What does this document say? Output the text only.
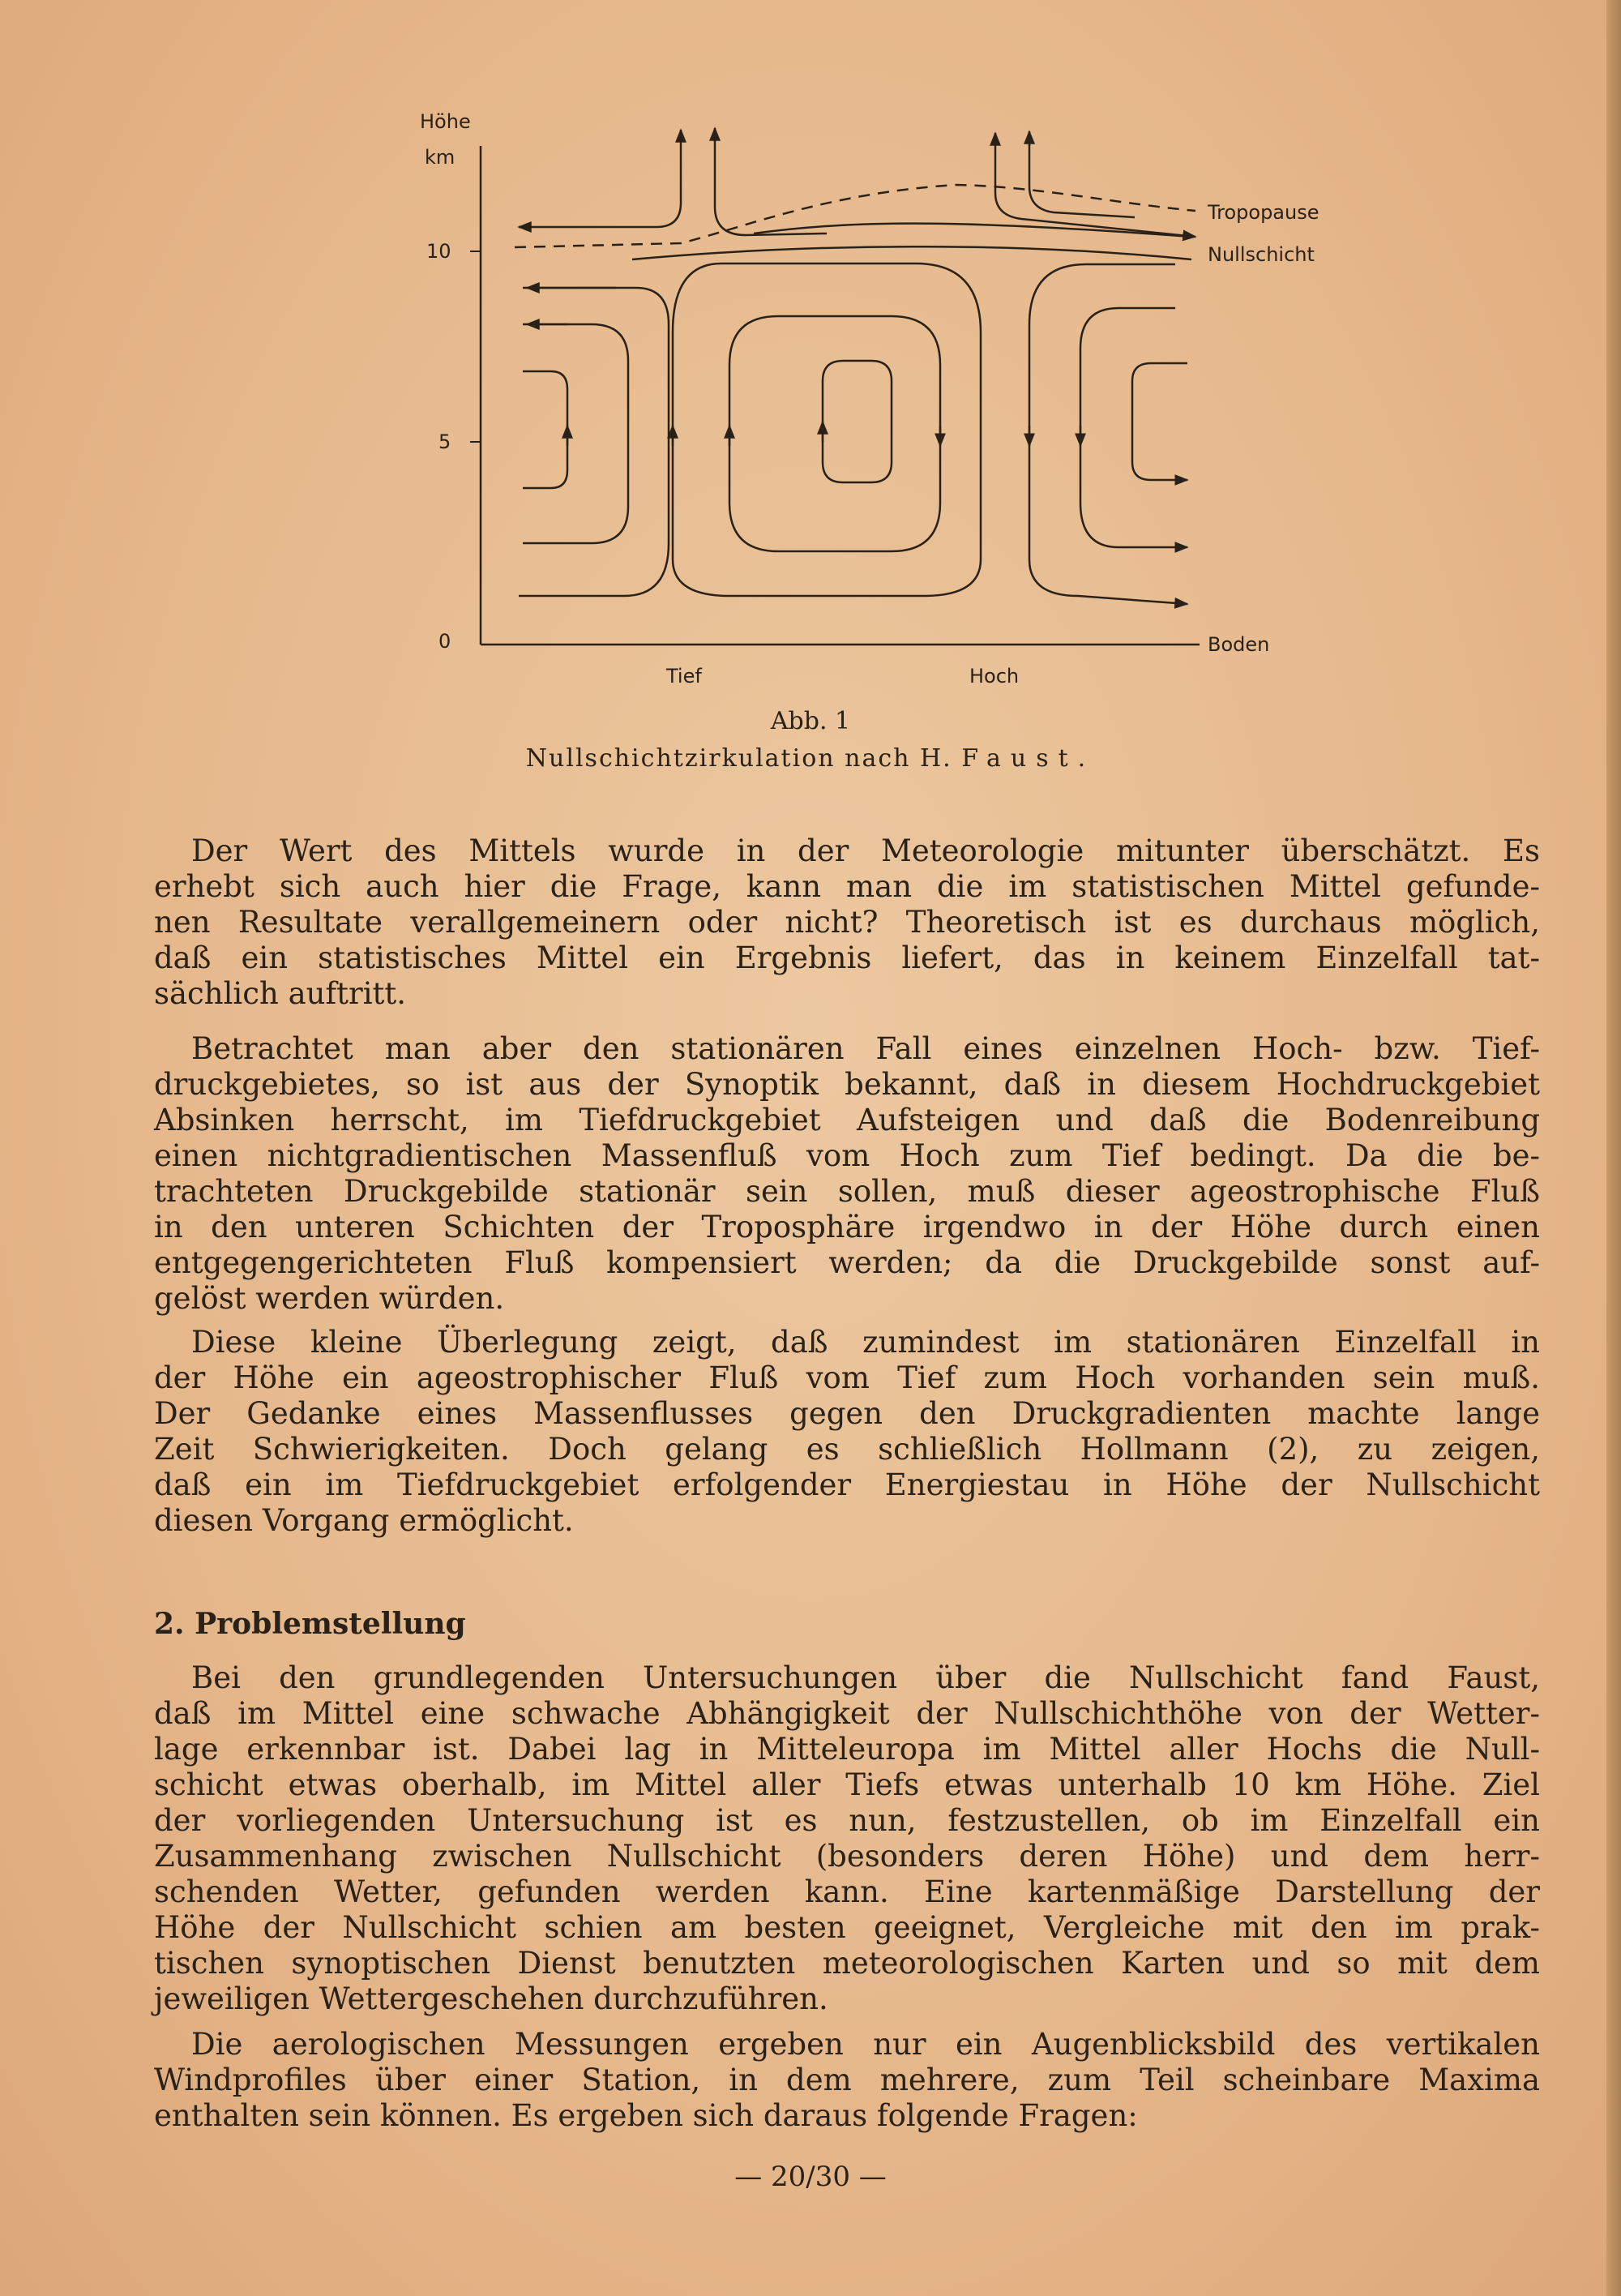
Höhe
km
10
5
0
Tropopause
Nullschicht
Boden
Tief	Hoch
Abb. 1
Nullschichtzirkulation nach H. Faust.
Der Wert des Mittels wurde in der Meteorologie mitunter überschätzt. Es
erhebt sich auch hier die Frage, kann man die im statistischen Mittel gefunde-
nen Resultate verallgemeinern oder nicht? Theoretisch ist es durchaus möglich,
daß ein statistisches Mittel ein Ergebnis liefert, das in keinem Einzelfall tat-
sächlich auftritt.
Betrachtet man aber den stationären Fall eines einzelnen Hoch- bzw. Tief-
druckgebietes, so ist aus der Synoptik bekannt, daß in diesem Hochdruckgebiet
Absinken herrscht, im Tiefdruckgebiet Aufsteigen und daß die Bodenreibung
einen nichtgradientischen Massenfluß vom Hoch zum Tief bedingt. Da die be-
trachteten Druckgebilde stationär sein sollen, muß dieser ageostrophische Fluß
in den unteren Schichten der Troposphäre irgendwo in der Höhe durch einen
entgegengerichteten Fluß kompensiert werden; da die Druckgebilde sonst auf-
gelöst werden würden.
Diese kleine Überlegung zeigt, daß zumindest im stationären Einzelfall in
der Höhe ein ageostrophischer Fluß vom Tief zum Hoch vorhanden sein muß.
Der Gedanke eines Massenflusses gegen den Druckgradienten machte lange
Zeit Schwierigkeiten. Doch gelang es schließlich Hollmann (2), zu zeigen,
daß ein im Tiefdruckgebiet erfolgender Energiestau in Höhe der Nullschicht
diesen Vorgang ermöglicht.
2. Problemstellung
Bei den grundlegenden Untersuchungen über die Nullschicht fand Faust,
daß im Mittel eine schwache Abhängigkeit der Nullschichthöhe von der Wetter-
lage erkennbar ist. Dabei lag in Mitteleuropa im Mittel aller Hochs die Null-
schicht etwas oberhalb, im Mittel aller Tiefs etwas unterhalb 10 km Höhe. Ziel
der vorliegenden Untersuchung ist es nun, festzustellen, ob im Einzelfall ein
Zusammenhang zwischen Nullschicht (besonders deren Höhe) und dem herr-
schenden Wetter, gefunden werden kann. Eine kartenmäßige Darstellung der
Höhe der Nullschicht schien am besten geeignet, Vergleiche mit den im prak-
tischen synoptischen Dienst benutzten meteorologischen Karten und so mit dem
jeweiligen Wettergeschehen durchzuführen.
Die aerologischen Messungen ergeben nur ein Augenblicksbild des vertikalen
Windprofiles über einer Station, in dem mehrere, zum Teil scheinbare Maxima
enthalten sein können. Es ergeben sich daraus folgende Fragen:
— 20/30 —
